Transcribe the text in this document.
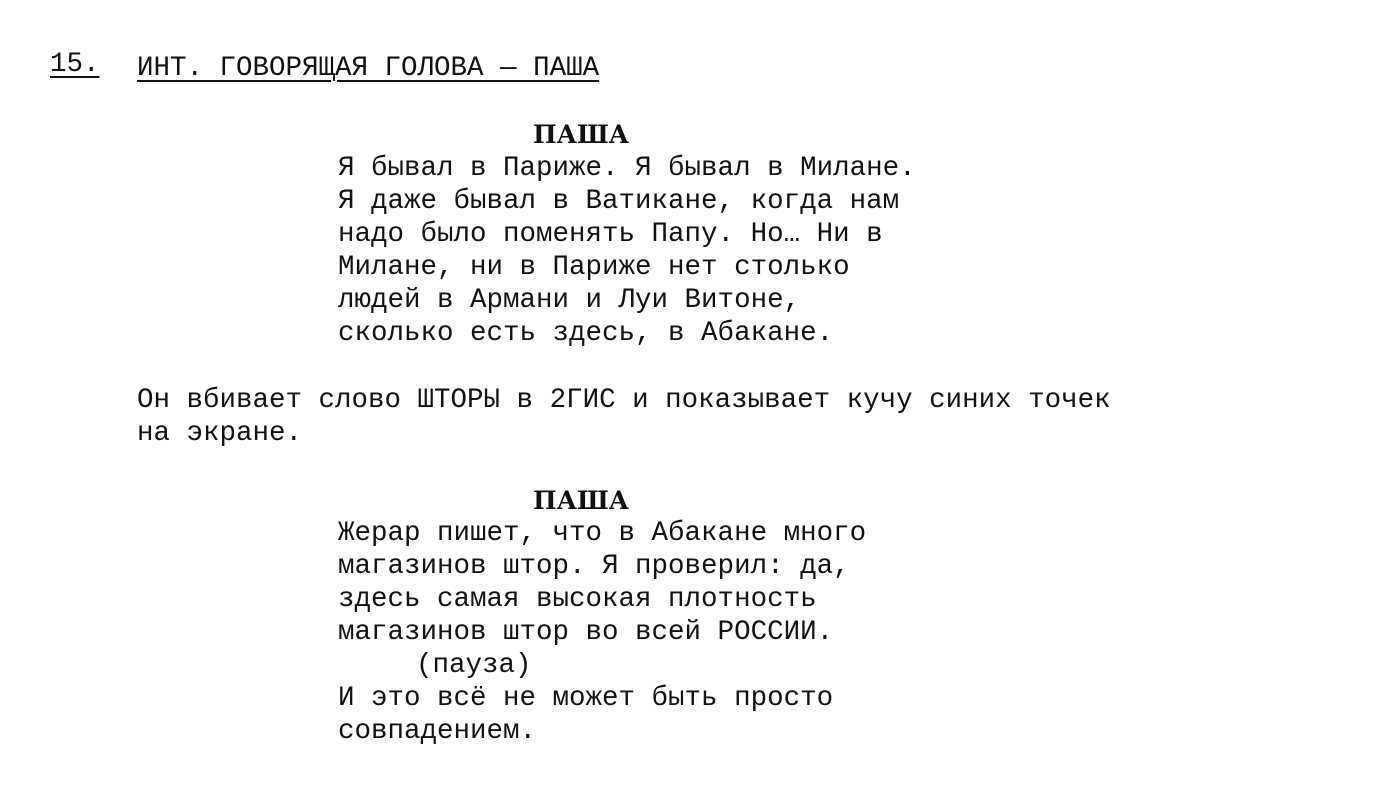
15. ИНТ. ГОВОРЯЩАЯ ГОЛОВА — ПАША
ПАША
Я бывал в Париже. Я бывал в Милане.
Я даже бывал в Ватикане, когда нам
надо было поменять Папу. Но… Ни в
Милане, ни в Париже нет столько
людей в Армани и Луи Витоне,
сколько есть здесь, в Абакане.
Он вбивает слово ШТОРЫ в 2ГИС и показывает кучу синих точек
на экране.
ПАША
Жерар пишет, что в Абакане много
магазинов штор. Я проверил: да,
здесь самая высокая плотность
магазинов штор во всей РОССИИ.
(пауза)
И это всё не может быть просто
совпадением.
